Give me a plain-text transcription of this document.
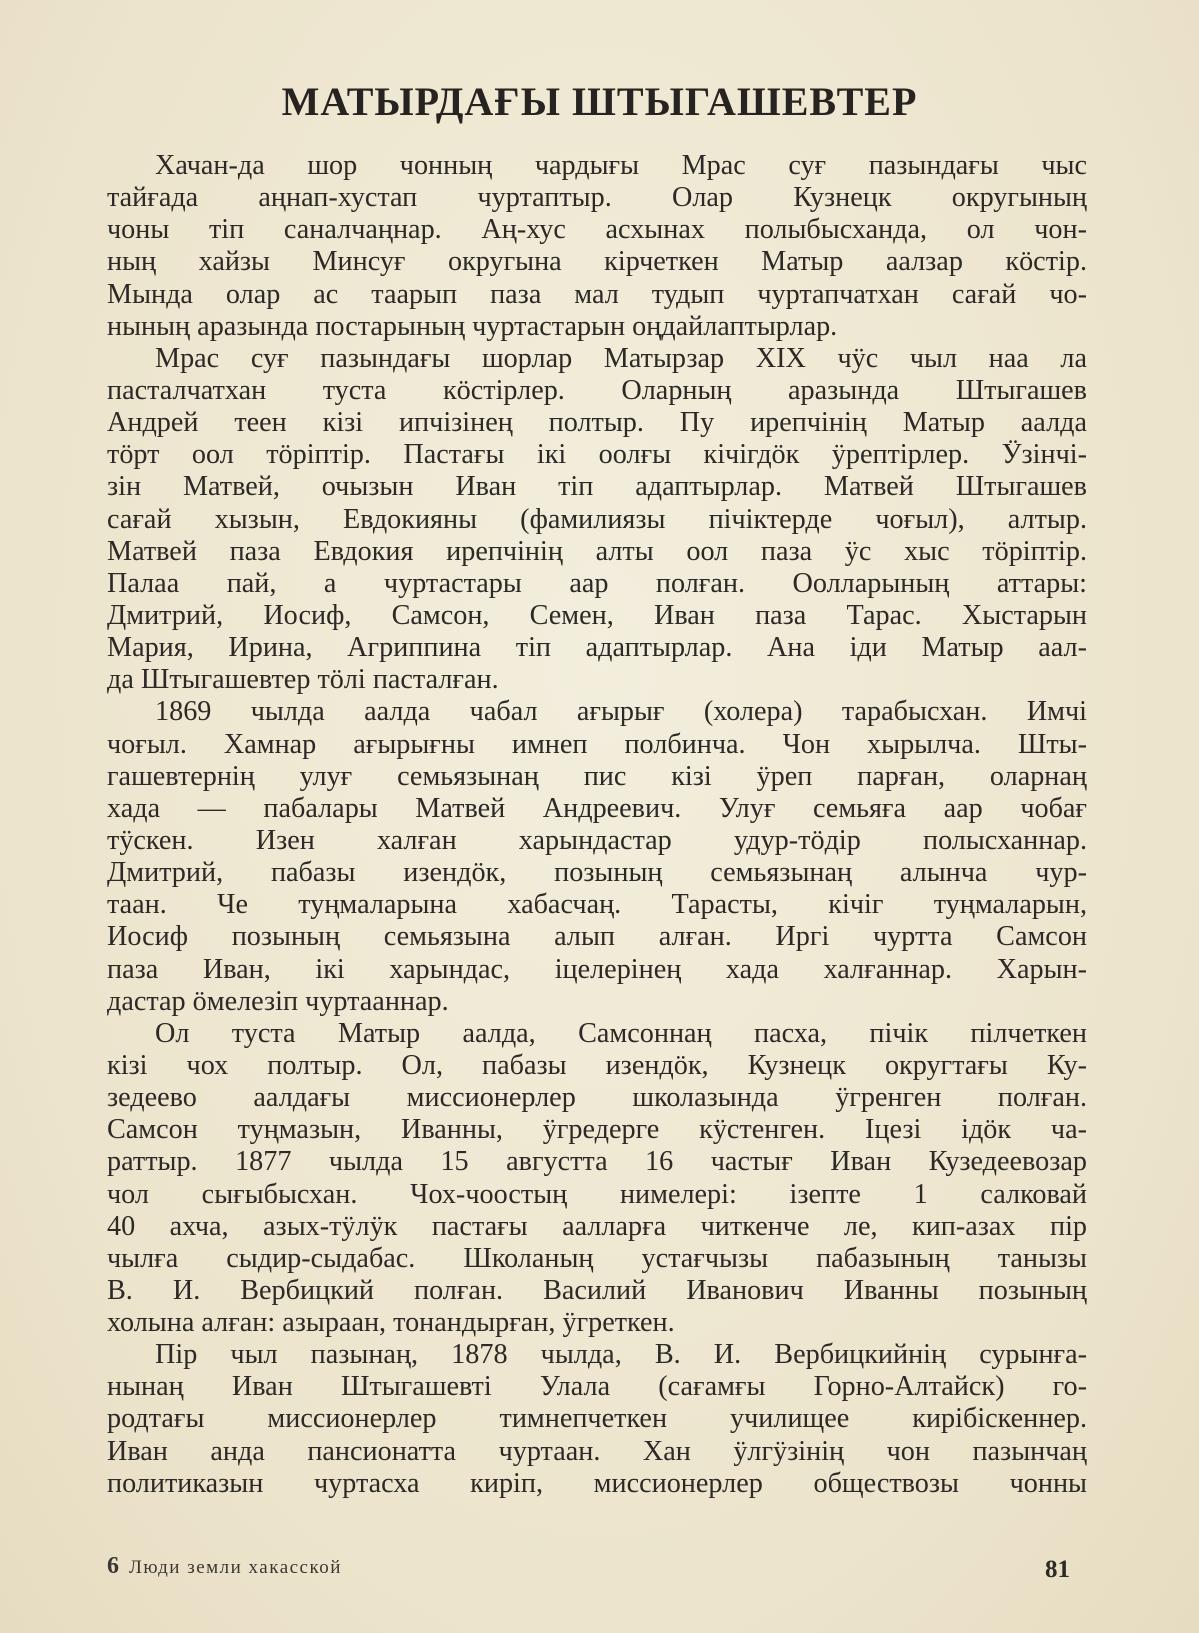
МАТЫРДАҒЫ ШТЫГАШЕВТЕР
Хачан-да шор чонның чардығы Мрас суғ пазындағы чыс
тайғада аңнап-хустап чуртаптыр. Олар Кузнецк округының
чоны тіп саналчаңнар. Аң-хус асхынах полыбысханда, ол чон-
ның хайзы Минсуғ округына кірчеткен Матыр аалзар кӧстір.
Мында олар ас таарып паза мал тудып чуртапчатхан сағай чо-
нының аразында постарының чуртастарын оңдайлаптырлар.
Мрас суғ пазындағы шорлар Матырзар XIX чӱс чыл наа ла
пасталчатхан туста кӧстірлер. Оларның аразында Штыгашев
Андрей теен кізі ипчізінең полтыр. Пу ирепчінің Матыр аалда
тӧрт оол тӧріптір. Пастағы ікі оолғы кічігдӧк ӱрептірлер. Ӱзінчі-
зін Матвей, очызын Иван тіп адаптырлар. Матвей Штыгашев
сағай хызын, Евдокияны (фамилиязы пічіктерде чоғыл), алтыр.
Матвей паза Евдокия ирепчінің алты оол паза ӱс хыс тӧріптір.
Палаа пай, а чуртастары аар полған. Оолларының аттары:
Дмитрий, Иосиф, Самсон, Семен, Иван паза Тарас. Хыстарын
Мария, Ирина, Агриппина тіп адаптырлар. Ана іди Матыр аал-
да Штыгашевтер тӧлі пасталған.
1869 чылда аалда чабал ағырығ (холера) тарабысхан. Имчі
чоғыл. Хамнар ағырығны имнеп полбинча. Чон хырылча. Шты-
гашевтернің улуғ семьязынаң пис кізі ӱреп парған, оларнаң
хада — пабалары Матвей Андреевич. Улуғ семьяға аар чобағ
тӱскен. Изен халған харындастар удур-тӧдір полысханнар.
Дмитрий, пабазы изендӧк, позының семьязынаң алынча чур-
таан. Че туңмаларына хабасчаң. Тарасты, кічіг туңмаларын,
Иосиф позының семьязына алып алған. Иргі чуртта Самсон
паза Иван, ікі харындас, іцелерінең хада халғаннар. Харын-
дастар ӧмелезіп чуртааннар.
Ол туста Матыр аалда, Самсоннаң пасха, пічік пілчеткен
кізі чох полтыр. Ол, пабазы изендӧк, Кузнецк округтағы Ку-
зедеево аалдағы миссионерлер школазында ӱгренген полған.
Самсон туңмазын, Иванны, ӱгредерге кӱстенген. Іцезі ідӧк ча-
раттыр. 1877 чылда 15 августта 16 частығ Иван Кузедеевозар
чол сығыбысхан. Чох-чоостың нимелері: ізепте 1 салковай
40 ахча, азых-тӱлӱк пастағы аалларға читкенче ле, кип-азах пір
чылға сыдир-сыдабас. Школаның устағчызы пабазының танызы
В. И. Вербицкий полған. Василий Иванович Иванны позының
холына алған: азыраан, тонандырған, ӱгреткен.
Пір чыл пазынаң, 1878 чылда, В. И. Вербицкийнің сурынға-
нынаң Иван Штыгашевті Улала (сағамғы Горно-Алтайск) го-
родтағы миссионерлер тимнепчеткен училищее кирібіскеннер.
Иван анда пансионатта чуртаан. Хан ӱлгӱзінің чон пазынчаң
политиказын чуртасха киріп, миссионерлер обществозы чонны
6 Люди земли хакасской	81
